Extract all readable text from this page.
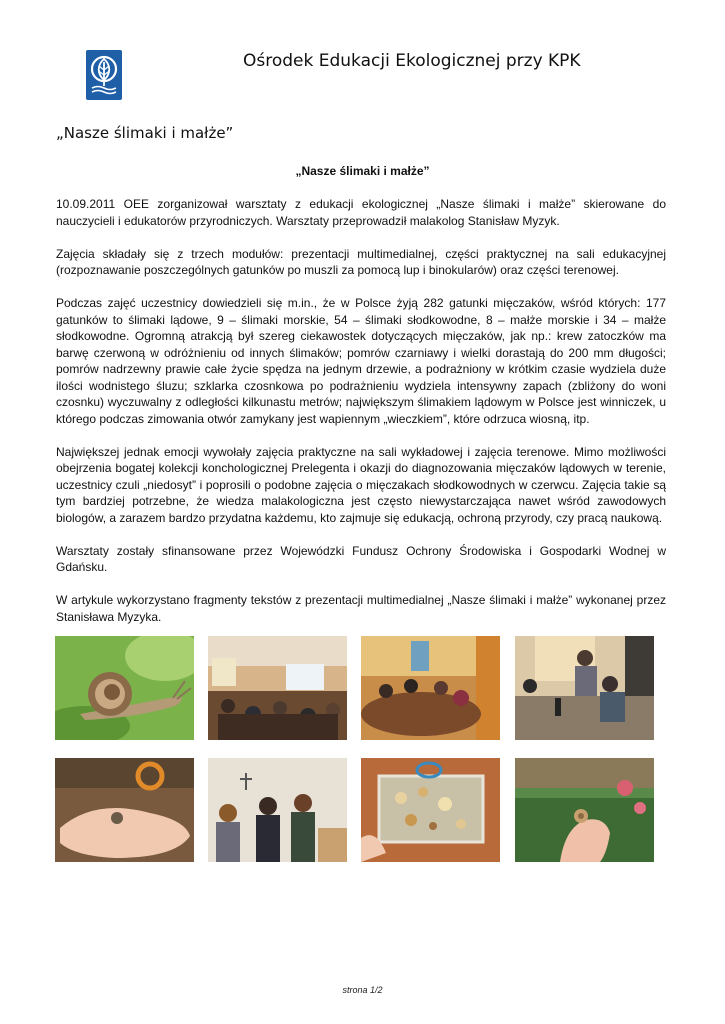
Ośrodek Edukacji Ekologicznej przy KPK
„Nasze ślimaki i małże”
„Nasze ślimaki i małże”

10.09.2011 OEE zorganizował warsztaty z edukacji ekologicznej „Nasze ślimaki i małże” skierowane do nauczycieli i edukatorów przyrodniczych. Warsztaty przeprowadził malakolog Stanisław Myzyk.

Zajęcia składały się z trzech modułów: prezentacji multimedialnej, części praktycznej na sali edukacyjnej (rozpoznawanie poszczególnych gatunków po muszli za pomocą lup i binokularów) oraz części terenowej.

Podczas zajęć uczestnicy dowiedzieli się m.in., że w Polsce żyją 282 gatunki mięczaków, wśród których: 177 gatunków to ślimaki lądowe, 9 – ślimaki morskie, 54 – ślimaki słodkowodne, 8 – małże morskie i 34 – małże słodkowodne. Ogromną atrakcją był szereg ciekawostek dotyczących mięczaków, jak np.: krew zatoczków ma barwę czerwoną w odróżnieniu od innych ślimaków; pomrów czarniawy i wielki dorastają do 200 mm długości; pomrów nadrzewny prawie całe życie spędza na jednym drzewie, a podrażniony w krótkim czasie wydziela duże ilości wodnistego śluzu; szklarka czosnkowa po podrażnieniu wydziela intensywny zapach (zbliżony do woni czosnku) wyczuwalny z odległości kilkunastu metrów; największym ślimakiem lądowym w Polsce jest winniczek, u którego podczas zimowania otwór zamykany jest wapiennym „wieczkiem”, które odrzuca wiosną, itp.

Największej jednak emocji wywołały zajęcia praktyczne na sali wykładowej i zajęcia terenowe. Mimo możliwości obejrzenia bogatej kolekcji konchologicznej Prelegenta i okazji do diagnozowania mięczaków lądowych w terenie, uczestnicy czuli „niedosyt” i poprosili o podobne zajęcia o mięczakach słodkowodnych w czerwcu. Zajęcia takie są tym bardziej potrzebne, że wiedza malakologiczna jest często niewystarczająca nawet wśród zawodowych biologów, a zarazem bardzo przydatna każdemu, kto zajmuje się edukacją, ochroną przyrody, czy pracą naukową.

Warsztaty zostały sfinansowane przez Wojewódzki Fundusz Ochrony Środowiska i Gospodarki Wodnej w Gdańsku.

W artykule wykorzystano fragmenty tekstów z prezentacji multimedialnej „Nasze ślimaki i małże” wykonanej przez Stanisława Myzyka.

strona 1/2
